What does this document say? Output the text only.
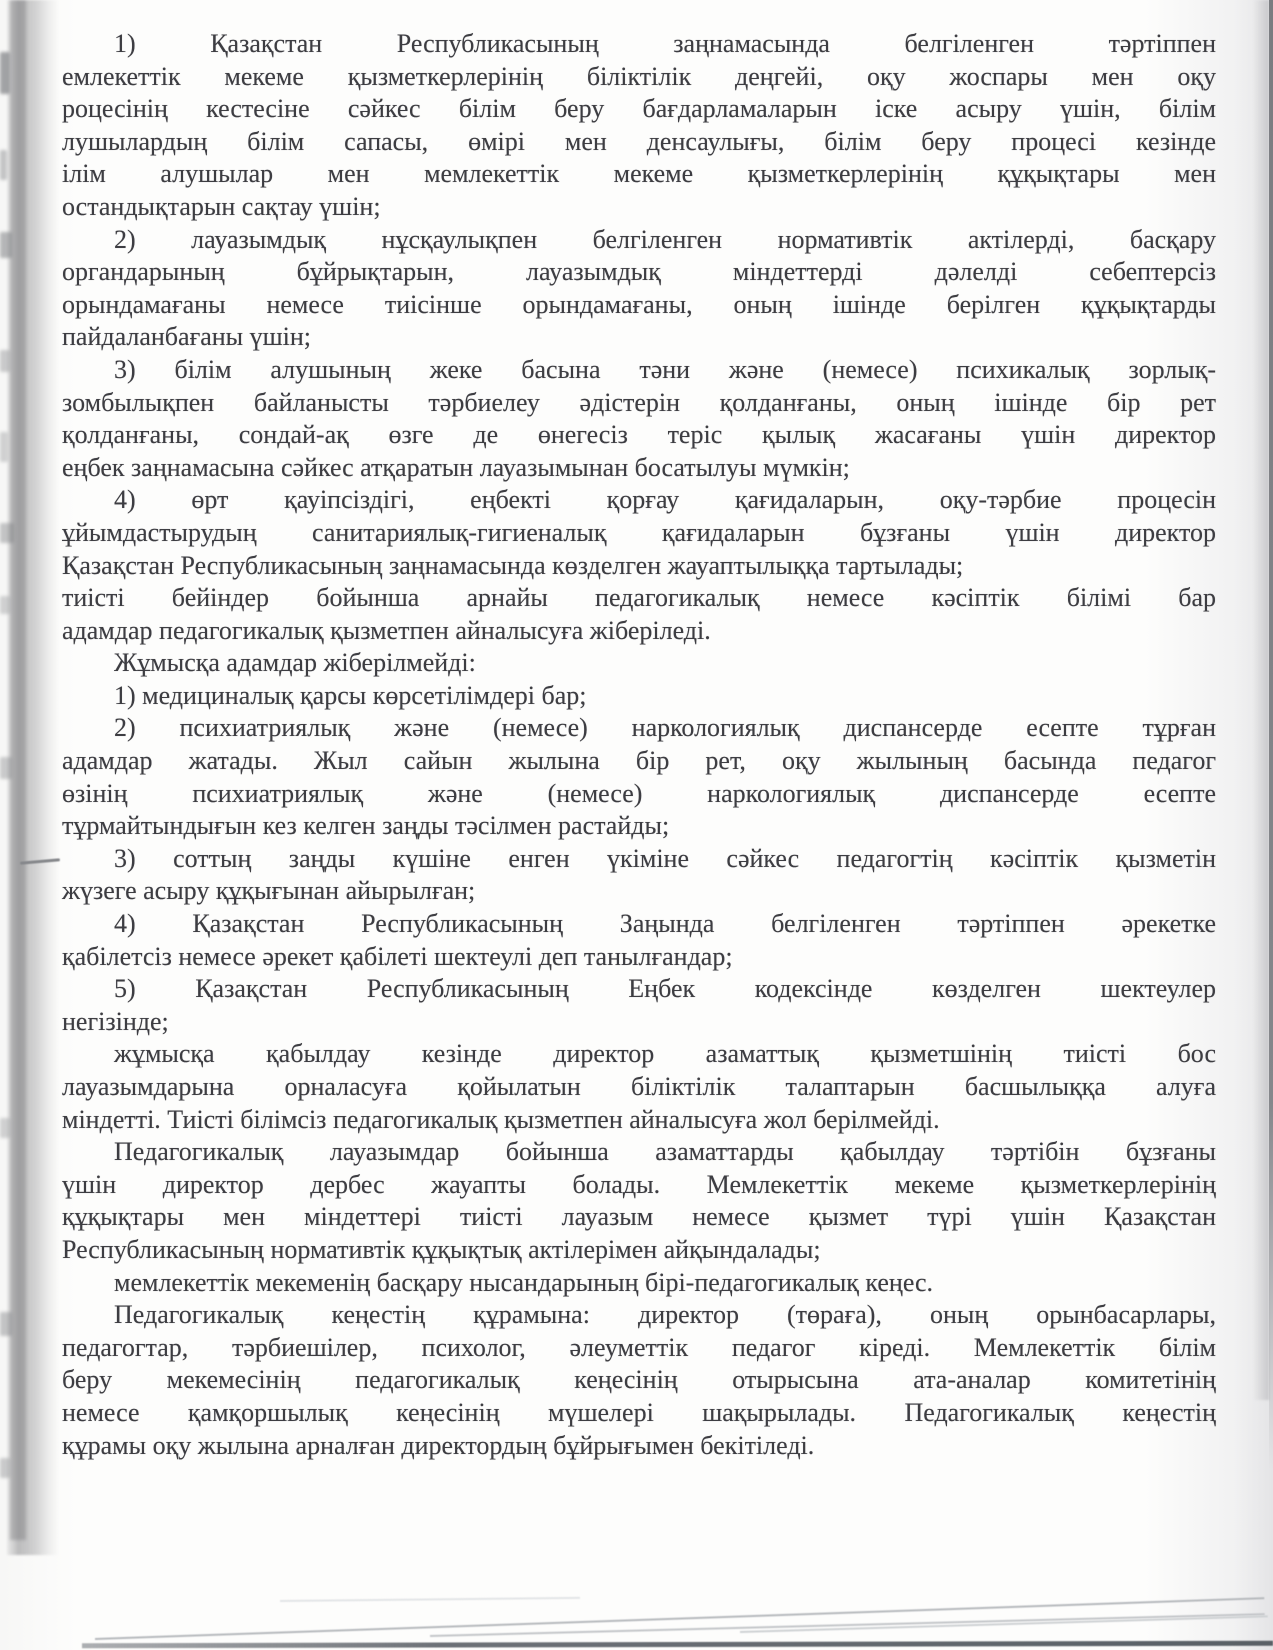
1) Қазақстан Республикасының заңнамасында белгіленген тәртіппен
емлекеттік мекеме қызметкерлерінің біліктілік деңгейі, оқу жоспары мен оқу
роцесінің кестесіне сәйкес білім беру бағдарламаларын іске асыру үшін, білім
лушылардың білім сапасы, өмірі мен денсаулығы, білім беру процесі кезінде
ілім алушылар мен мемлекеттік мекеме қызметкерлерінің құқықтары мен
остандықтарын сақтау үшін;
2) лауазымдық нұсқаулықпен белгіленген нормативтік актілерді, басқару
органдарының бұйрықтарын, лауазымдық міндеттерді дәлелді себептерсіз
орындамағаны немесе тиісінше орындамағаны, оның ішінде берілген құқықтарды
пайдаланбағаны үшін;
3) білім алушының жеке басына тәни және (немесе) психикалық зорлық-
зомбылықпен байланысты тәрбиелеу әдістерін қолданғаны, оның ішінде бір рет
қолданғаны, сондай-ақ өзге де өнегесіз теріс қылық жасағаны үшін директор
еңбек заңнамасына сәйкес атқаратын лауазымынан босатылуы мүмкін;
4) өрт қауіпсіздігі, еңбекті қорғау қағидаларын, оқу-тәрбие процесін
ұйымдастырудың санитариялық-гигиеналық қағидаларын бұзғаны үшін директор
Қазақстан Республикасының заңнамасында көзделген жауаптылыққа тартылады;
тиісті бейіндер бойынша арнайы педагогикалық немесе кәсіптік білімі бар
адамдар педагогикалық қызметпен айналысуға жіберіледі.
Жұмысқа адамдар жіберілмейді:
1) медициналық қарсы көрсетілімдері бар;
2) психиатриялық және (немесе) наркологиялық диспансерде есепте тұрған
адамдар жатады. Жыл сайын жылына бір рет, оқу жылының басында педагог
өзінің психиатриялық және (немесе) наркологиялық диспансерде есепте
тұрмайтындығын кез келген заңды тәсілмен растайды;
3) соттың заңды күшіне енген үкіміне сәйкес педагогтің кәсіптік қызметін
жүзеге асыру құқығынан айырылған;
4) Қазақстан Республикасының Заңында белгіленген тәртіппен әрекетке
қабілетсіз немесе әрекет қабілеті шектеулі деп танылғандар;
5) Қазақстан Республикасының Еңбек кодексінде көзделген шектеулер
негізінде;
жұмысқа қабылдау кезінде директор азаматтық қызметшінің тиісті бос
лауазымдарына орналасуға қойылатын біліктілік талаптарын басшылыққа алуға
міндетті. Тиісті білімсіз педагогикалық қызметпен айналысуға жол берілмейді.
Педагогикалық лауазымдар бойынша азаматтарды қабылдау тәртібін бұзғаны
үшін директор дербес жауапты болады. Мемлекеттік мекеме қызметкерлерінің
құқықтары мен міндеттері тиісті лауазым немесе қызмет түрі үшін Қазақстан
Республикасының нормативтік құқықтық актілерімен айқындалады;
мемлекеттік мекеменің басқару нысандарының бірі-педагогикалық кеңес.
Педагогикалық кеңестің құрамына: директор (төраға), оның орынбасарлары,
педагогтар, тәрбиешілер, психолог, әлеуметтік педагог кіреді. Мемлекеттік білім
беру мекемесінің педагогикалық кеңесінің отырысына ата-аналар комитетінің
немесе қамқоршылық кеңесінің мүшелері шақырылады. Педагогикалық кеңестің
құрамы оқу жылына арналған директордың бұйрығымен бекітіледі.
